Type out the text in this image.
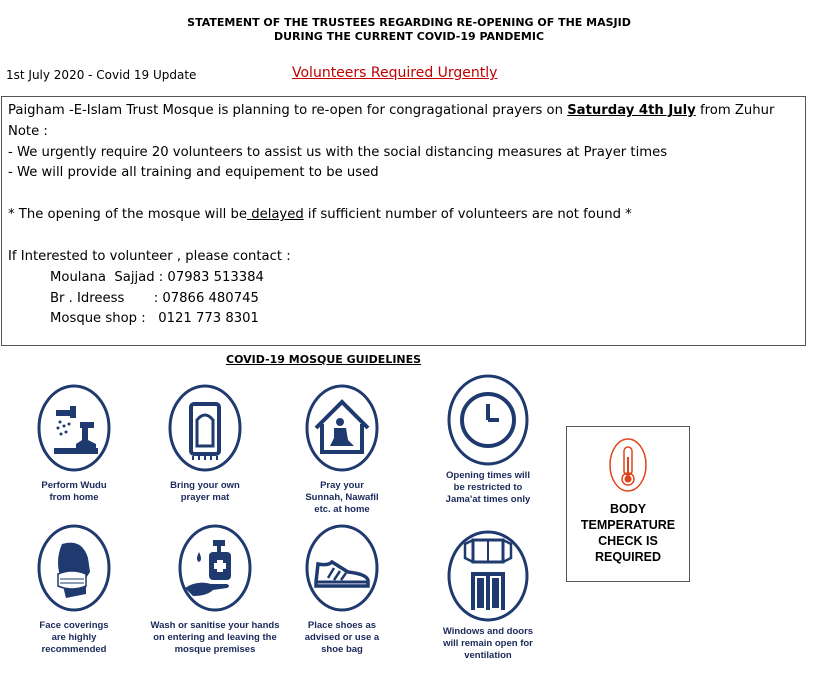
STATEMENT OF THE TRUSTEES REGARDING RE-OPENING OF THE MASJID
DURING THE CURRENT COVID-19 PANDEMIC
1st July 2020 - Covid 19 Update	Volunteers Required Urgently
Paigham -E-Islam Trust Mosque is planning to re-open for congragational prayers on Saturday 4th July from Zuhur
Note :
- We urgently require 20 volunteers to assist us with the social distancing measures at Prayer times
- We will provide all training and equipement to be used
* The opening of the mosque will be delayed if sufficient number of volunteers are not found *
If Interested to volunteer , please contact :
Moulana  Sajjad : 07983 513384
Br . Idreess       : 07866 480745
Mosque shop :   0121 773 8301
COVID-19 MOSQUE GUIDELINES
Perform Wudu
from home
Bring your own
prayer mat
Pray your
Sunnah, Nawafil
etc. at home
Opening times will
be restricted to
Jama'at times only
Face coverings
are highly
recommended
Wash or sanitise your hands
on entering and leaving the
mosque premises
Place shoes as
advised or use a
shoe bag
Windows and doors
will remain open for
ventilation
BODY
TEMPERATURE
CHECK IS
REQUIRED
